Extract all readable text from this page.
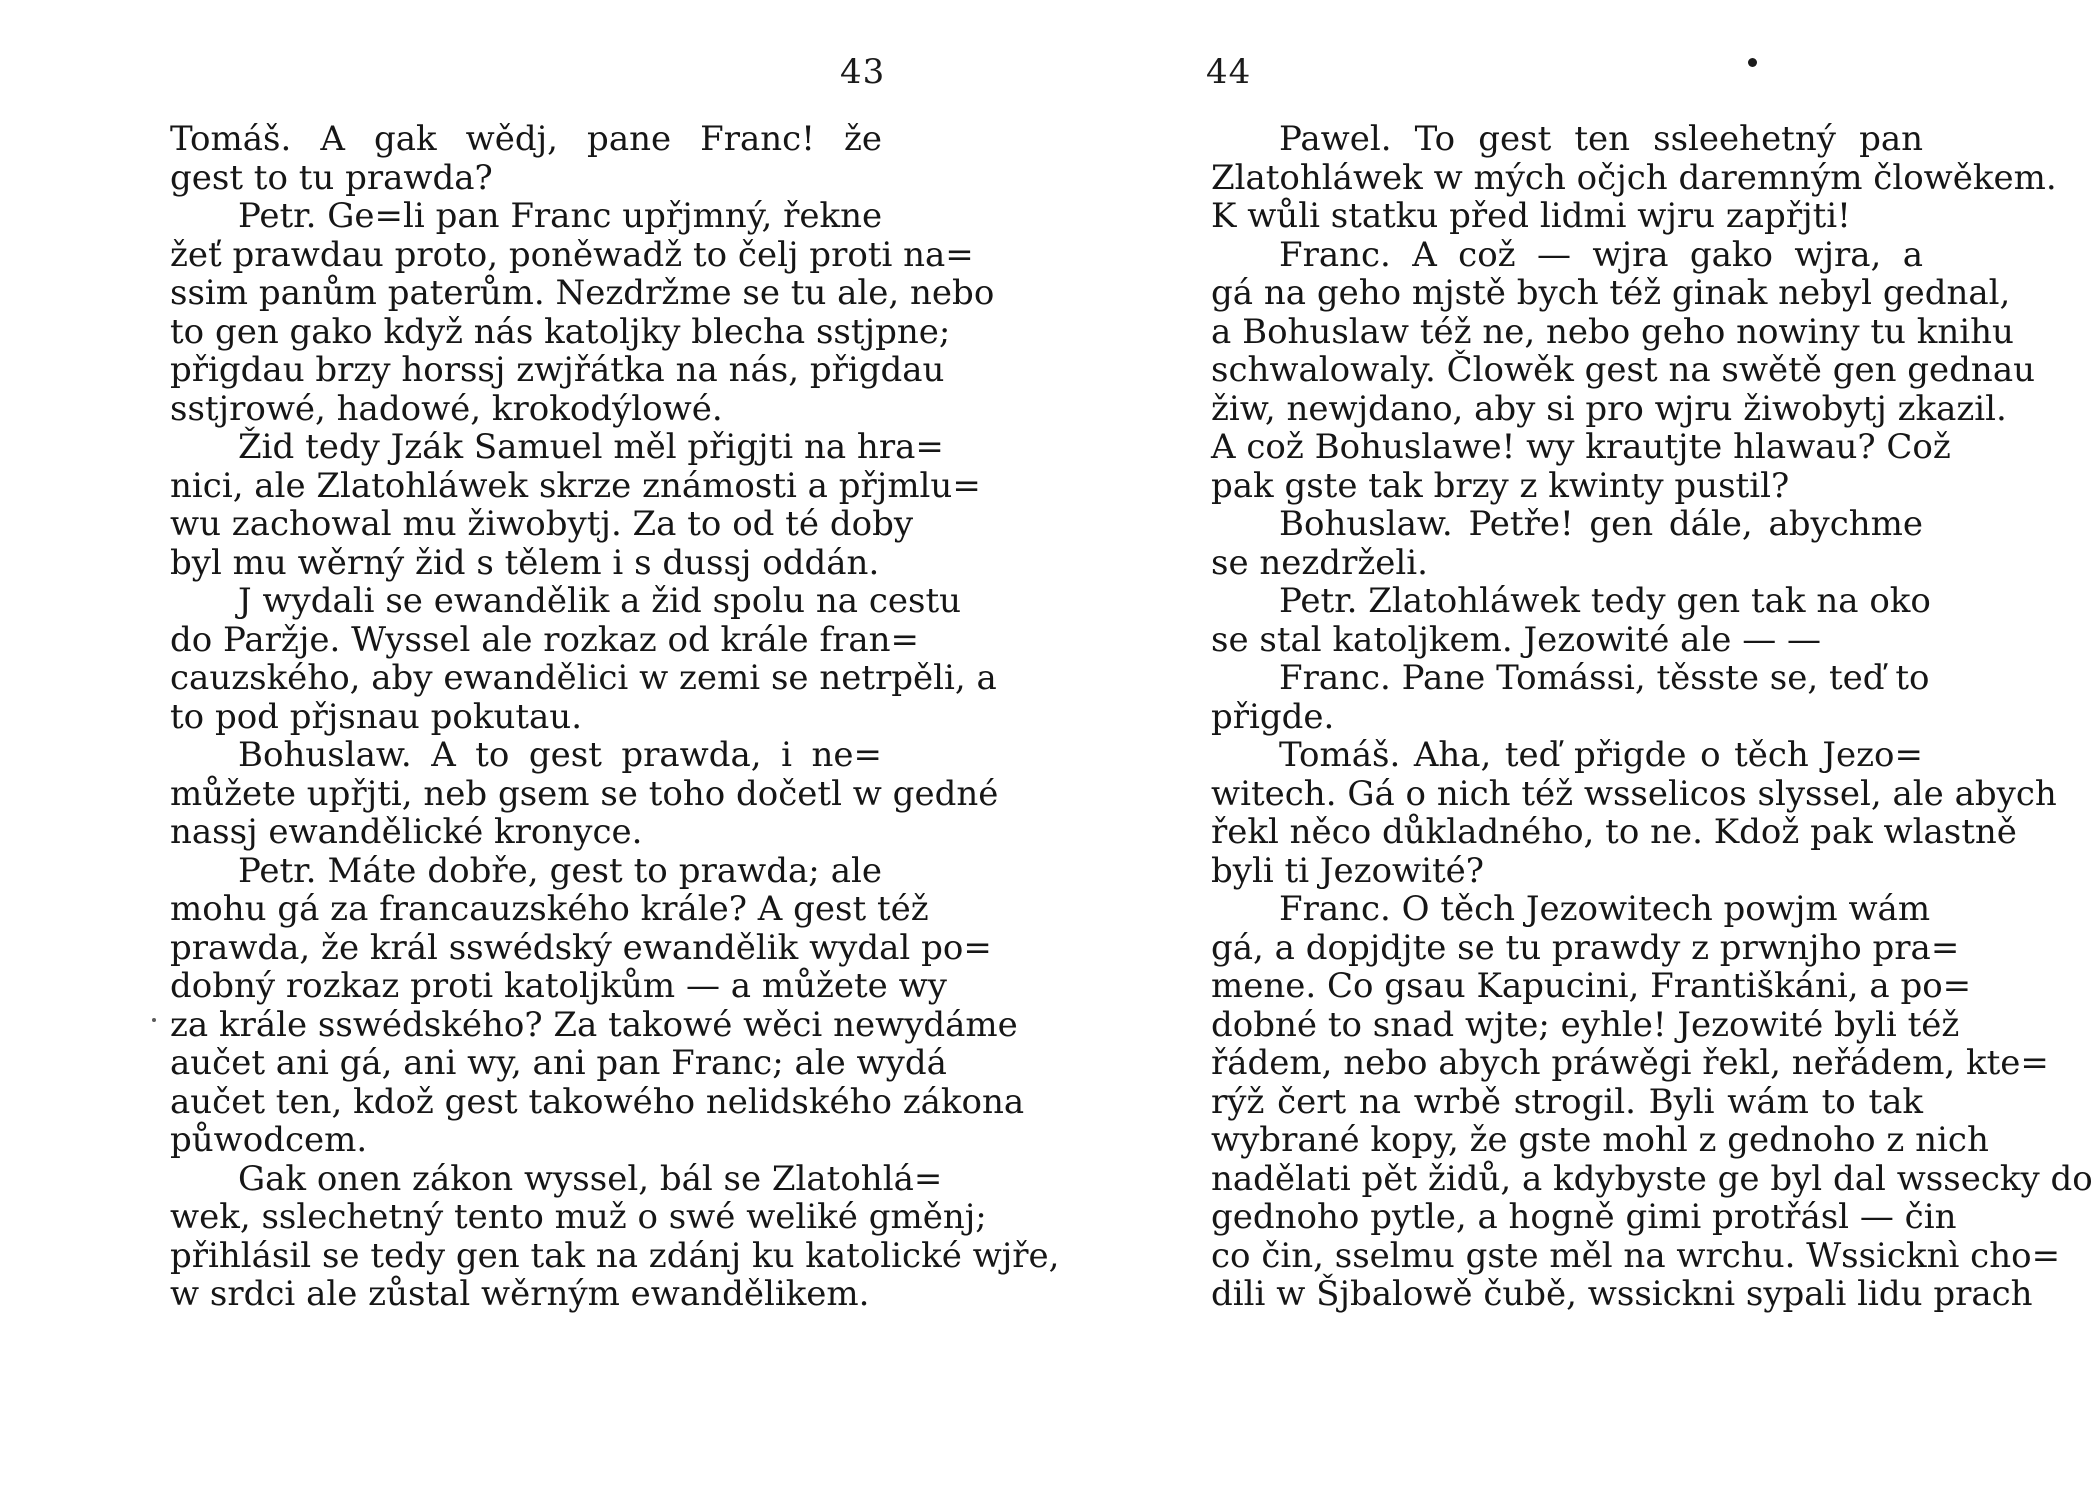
43
Tomáš. A gak wědj, pane Franc! že
gest to tu prawda?
Petr. Ge=li pan Franc upřjmný, řekne
žeť prawdau proto, poněwadž to čelj proti na=
ssim panům paterům. Nezdržme se tu ale, nebo
to gen gako když nás katoljky blecha sstjpne;
přigdau brzy horssj zwjřátka na nás, přigdau
sstjrowé, hadowé, krokodýlowé.
Žid tedy Jzák Samuel měl přigjti na hra=
nici, ale Zlatohláwek skrze známosti a přjmlu=
wu zachowal mu žiwobytj. Za to od té doby
byl mu wěrný žid s tělem i s dussj oddán.
J wydali se ewandělik a žid spolu na cestu
do Paržje. Wyssel ale rozkaz od krále fran=
cauzského, aby ewandělici w zemi se netrpěli, a
to pod přjsnau pokutau.
Bohuslaw. A to gest prawda, i ne=
můžete upřjti, neb gsem se toho dočetl w gedné
nassj ewandělické kronyce.
Petr. Máte dobře, gest to prawda; ale
mohu gá za francauzského krále? A gest též
prawda, že král sswédský ewandělik wydal po=
dobný rozkaz proti katoljkům — a můžete wy
za krále sswédského? Za takowé wěci newydáme
aučet ani gá, ani wy, ani pan Franc; ale wydá
aučet ten, kdož gest takowého nelidského zákona
půwodcem.
Gak onen zákon wyssel, bál se Zlatohlá=
wek, sslechetný tento muž o swé weliké gměnj;
přihlásil se tedy gen tak na zdánj ku katolické wjře,
w srdci ale zůstal wěrným ewandělikem.
44
Pawel. To gest ten ssleehetný pan
Zlatohláwek w mých očjch daremným člowěkem.
K wůli statku před lidmi wjru zapřjti!
Franc. A což — wjra gako wjra, a
gá na geho mjstě bych též ginak nebyl gednal,
a Bohuslaw též ne, nebo geho nowiny tu knihu
schwalowaly. Člowěk gest na swětě gen gednau
žiw, newjdano, aby si pro wjru žiwobytj zkazil.
A což Bohuslawe! wy krautjte hlawau? Což
pak gste tak brzy z kwinty pustil?
Bohuslaw. Petře! gen dále, abychme
se nezdrželi.
Petr. Zlatohláwek tedy gen tak na oko
se stal katoljkem. Jezowité ale — —
Franc. Pane Tomássi, těsste se, teď to
přigde.
Tomáš. Aha, teď přigde o těch Jezo=
witech. Gá o nich též wsselicos slyssel, ale abych
řekl něco důkladného, to ne. Kdož pak wlastně
byli ti Jezowité?
Franc. O těch Jezowitech powjm wám
gá, a dopjdjte se tu prawdy z prwnjho pra=
mene. Co gsau Kapucini, Františkáni, a po=
dobné to snad wjte; eyhle! Jezowité byli též
řádem, nebo abych práwěgi řekl, neřádem, kte=
rýž čert na wrbě strogil. Byli wám to tak
wybrané kopy, že gste mohl z gednoho z nich
nadělati pět židů, a kdybyste ge byl dal wssecky do
gednoho pytle, a hogně gimi protřásl — čin
co čin, sselmu gste měl na wrchu. Wssicknì cho=
dili w Šjbalowě čubě, wssickni sypali lidu prach
